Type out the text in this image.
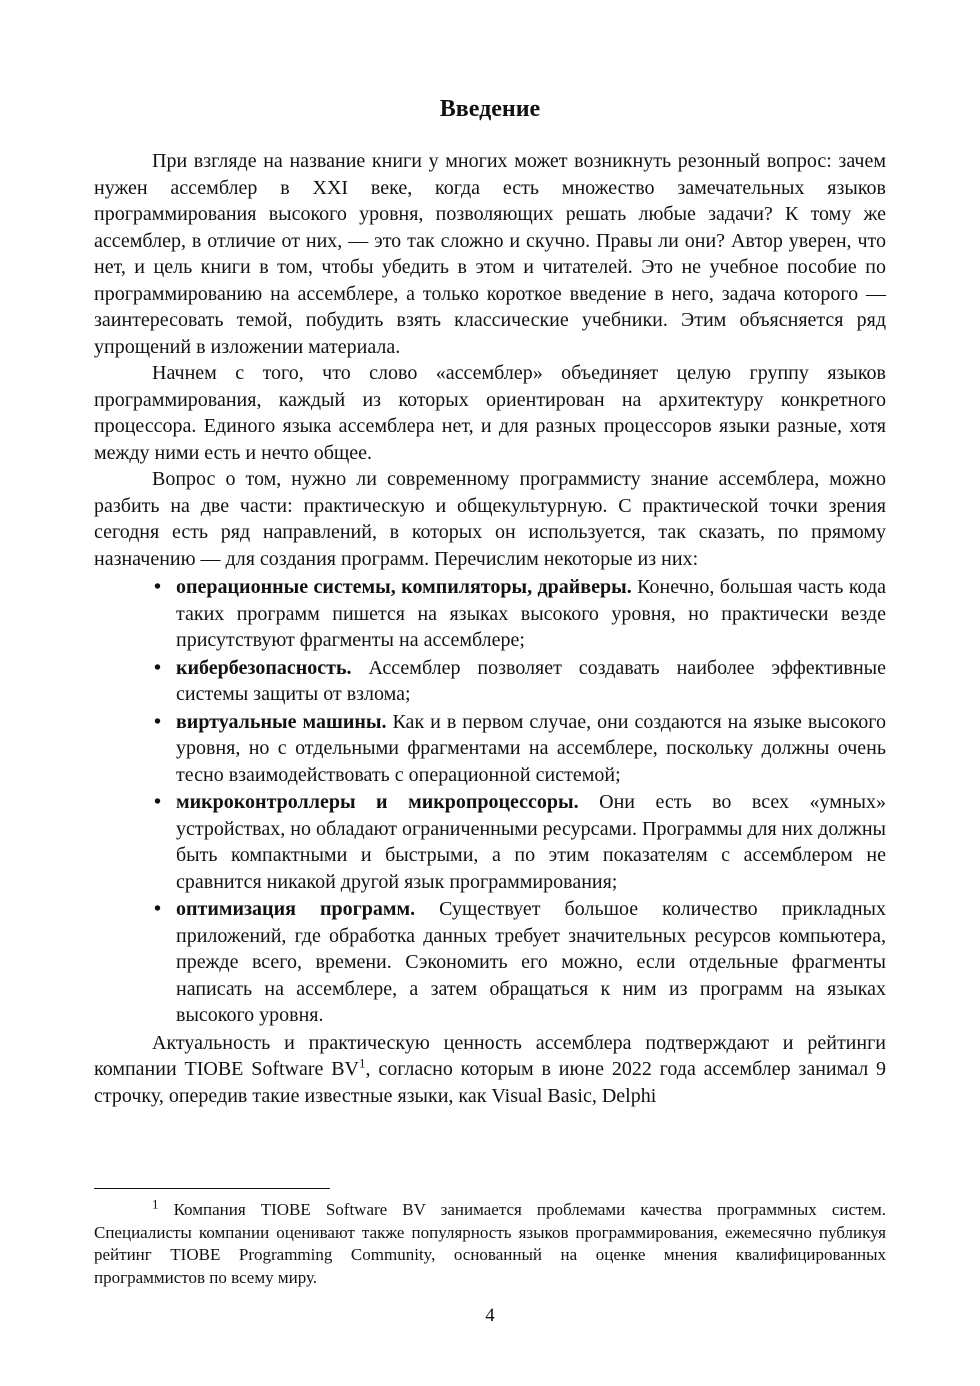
Введение

При взгляде на название книги у многих может возникнуть резонный вопрос: зачем нужен ассемблер в XXI веке, когда есть множество замечательных языков программирования высокого уровня, позволяющих решать любые задачи? К тому же ассемблер, в отличие от них, — это так сложно и скучно. Правы ли они? Автор уверен, что нет, и цель книги в том, чтобы убедить в этом и читателей. Это не учебное пособие по программированию на ассемблере, а только короткое введение в него, задача которого — заинтересовать темой, побудить взять классические учебники. Этим объясняется ряд упрощений в изложении материала.

Начнем с того, что слово «ассемблер» объединяет целую группу языков программирования, каждый из которых ориентирован на архитектуру конкретного процессора. Единого языка ассемблера нет, и для разных процессоров языки разные, хотя между ними есть и нечто общее.

Вопрос о том, нужно ли современному программисту знание ассемблера, можно разбить на две части: практическую и общекультурную. С практической точки зрения сегодня есть ряд направлений, в которых он используется, так сказать, по прямому назначению — для создания программ. Перечислим некоторые из них:

• операционные системы, компиляторы, драйверы. Конечно, большая часть кода таких программ пишется на языках высокого уровня, но практически везде присутствуют фрагменты на ассемблере;
• кибербезопасность. Ассемблер позволяет создавать наиболее эффективные системы защиты от взлома;
• виртуальные машины. Как и в первом случае, они создаются на языке высокого уровня, но с отдельными фрагментами на ассемблере, поскольку должны очень тесно взаимодействовать с операционной системой;
• микроконтроллеры и микропроцессоры. Они есть во всех «умных» устройствах, но обладают ограниченными ресурсами. Программы для них должны быть компактными и быстрыми, а по этим показателям с ассемблером не сравнится никакой другой язык программирования;
• оптимизация программ. Существует большое количество прикладных приложений, где обработка данных требует значительных ресурсов компьютера, прежде всего, времени. Сэкономить его можно, если отдельные фрагменты написать на ассемблере, а затем обращаться к ним из программ на языках высокого уровня.

Актуальность и практическую ценность ассемблера подтверждают и рейтинги компании TIOBE Software $BV^1$, согласно которым в июне 2022 года ассемблер занимал 9 строчку, опередив такие известные языки, как Visual Basic, Delphi

$^1$ Компания TIOBE Software BV занимается проблемами качества программных систем. Специалисты компании оценивают также популярность языков программирования, ежемесячно публикуя рейтинг TIOBE Programming Community, основанный на оценке мнения квалифицированных программистов по всему миру.
4
